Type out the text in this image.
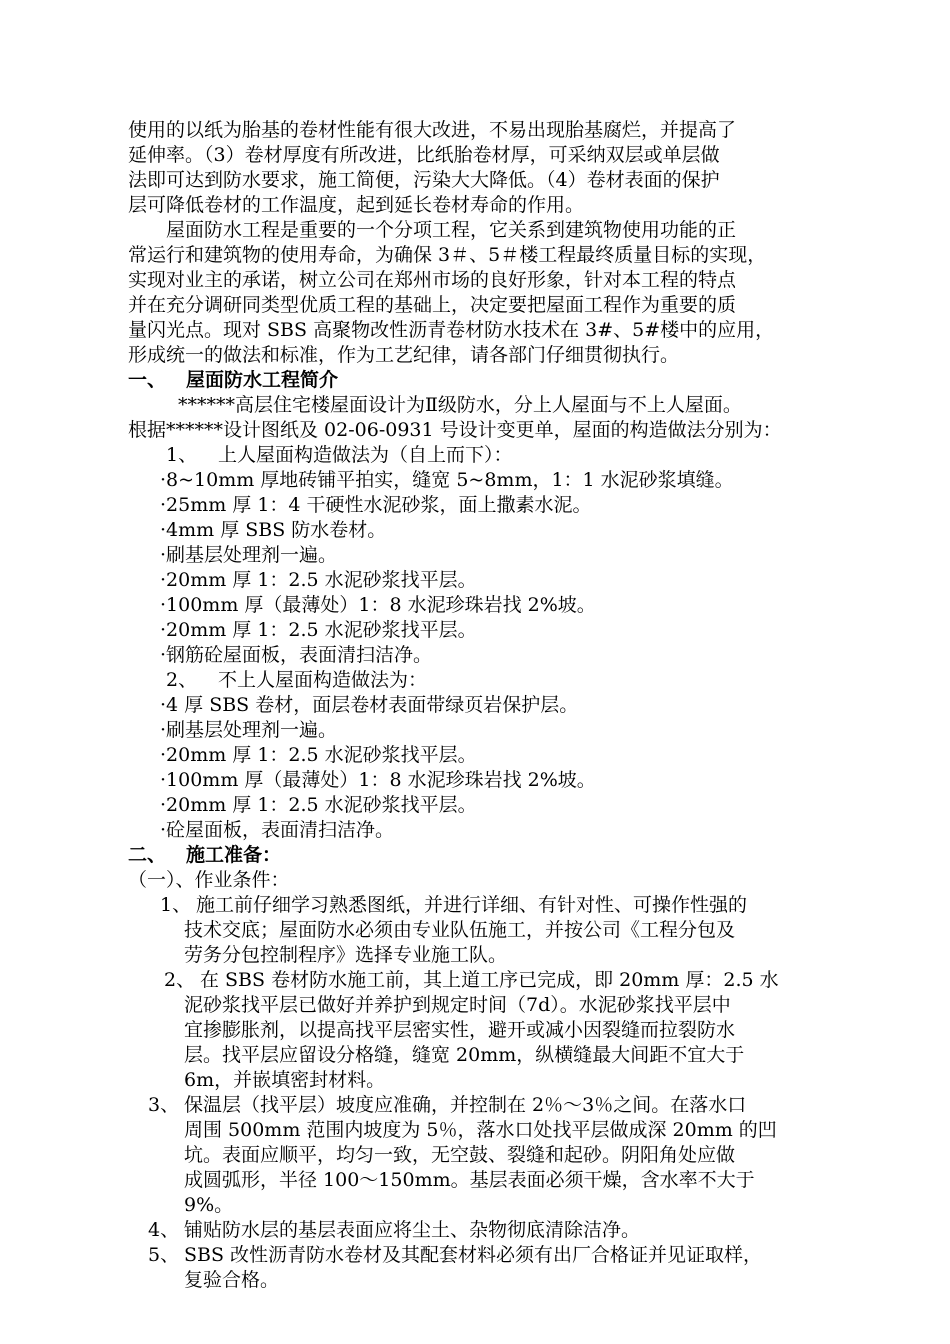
使用的以纸为胎基的卷材性能有很大改进，不易出现胎基腐烂，并提高了
延伸率。（3）卷材厚度有所改进，比纸胎卷材厚，可采纳双层或单层做
法即可达到防水要求，施工简便，污染大大降低。（4）卷材表面的保护
层可降低卷材的工作温度，起到延长卷材寿命的作用。
屋面防水工程是重要的一个分项工程，它关系到建筑物使用功能的正
常运行和建筑物的使用寿命，为确保 3＃、5＃楼工程最终质量目标的实现，
实现对业主的承诺，树立公司在郑州市场的良好形象，针对本工程的特点
并在充分调研同类型优质工程的基础上，决定要把屋面工程作为重要的质
量闪光点。现对 SBS 高聚物改性沥青卷材防水技术在 3#、5#楼中的应用，
形成统一的做法和标准，作为工艺纪律，请各部门仔细贯彻执行。
一、 屋面防水工程简介
******高层住宅楼屋面设计为Ⅱ级防水，分上人屋面与不上人屋面。
根据******设计图纸及 02-06-0931 号设计变更单，屋面的构造做法分别为：
1、 上人屋面构造做法为（自上而下）：
·8~10mm 厚地砖铺平拍实，缝宽 5~8mm，1：1 水泥砂浆填缝。
·25mm 厚 1：4 干硬性水泥砂浆，面上撒素水泥。
·4mm 厚 SBS 防水卷材。
·刷基层处理剂一遍。
·20mm 厚 1：2.5 水泥砂浆找平层。
·100mm 厚（最薄处）1：8 水泥珍珠岩找 2%坡。
·20mm 厚 1：2.5 水泥砂浆找平层。
·钢筋砼屋面板，表面清扫洁净。
2、 不上人屋面构造做法为：
·4 厚 SBS 卷材，面层卷材表面带绿页岩保护层。
·刷基层处理剂一遍。
·20mm 厚 1：2.5 水泥砂浆找平层。
·100mm 厚（最薄处）1：8 水泥珍珠岩找 2%坡。
·20mm 厚 1：2.5 水泥砂浆找平层。
·砼屋面板，表面清扫洁净。
二、 施工准备：
（一）、作业条件：
1、 施工前仔细学习熟悉图纸，并进行详细、有针对性、可操作性强的
技术交底；屋面防水必须由专业队伍施工，并按公司《工程分包及
劳务分包控制程序》选择专业施工队。
2、 在 SBS 卷材防水施工前，其上道工序已完成，即 20mm 厚：2.5 水
泥砂浆找平层已做好并养护到规定时间（7d）。水泥砂浆找平层中
宜掺膨胀剂，以提高找平层密实性，避开或减小因裂缝而拉裂防水
层。找平层应留设分格缝，缝宽 20mm，纵横缝最大间距不宜大于
6m，并嵌填密封材料。
3、 保温层（找平层）坡度应准确，并控制在 2％～3％之间。在落水口
周围 500mm 范围内坡度为 5％，落水口处找平层做成深 20mm 的凹
坑。表面应顺平，均匀一致，无空鼓、裂缝和起砂。阴阳角处应做
成圆弧形，半径 100～150mm。基层表面必须干燥，含水率不大于
9%。
4、 铺贴防水层的基层表面应将尘土、杂物彻底清除洁净。
5、 SBS 改性沥青防水卷材及其配套材料必须有出厂合格证并见证取样，
复验合格。
